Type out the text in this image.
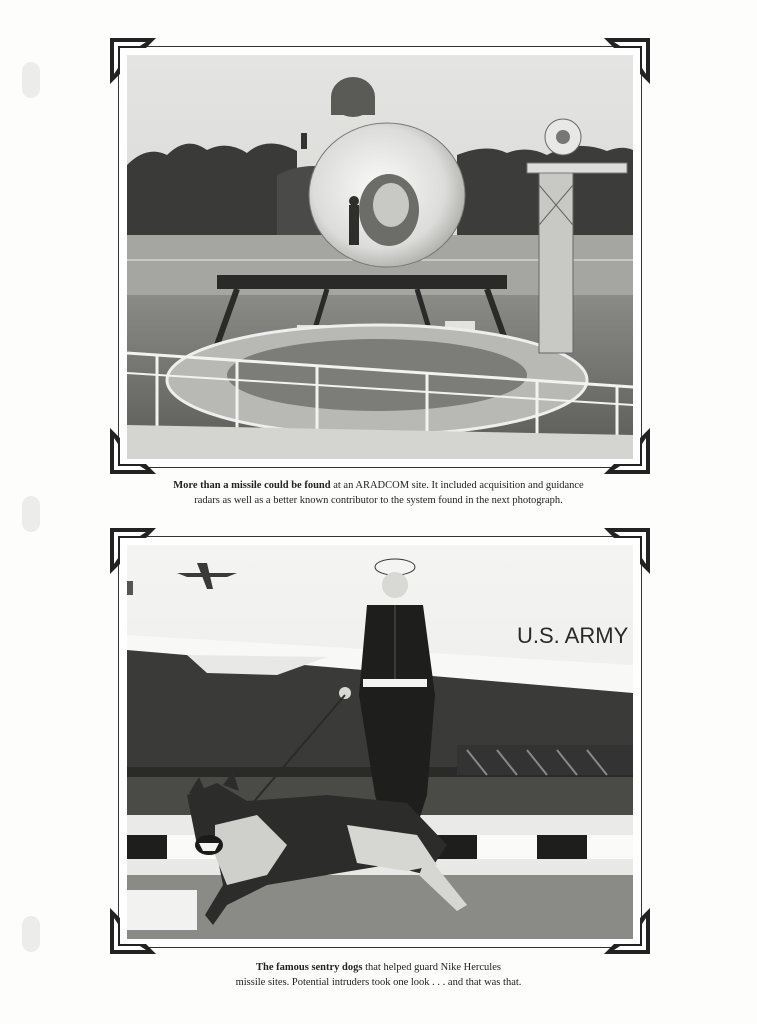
More than a missile could be found at an ARADCOM site. It included acquisition and guidance
radars as well as a better known contributor to the system found in the next photograph.
U.S. ARMY
The famous sentry dogs that helped guard Nike Hercules
missile sites. Potential intruders took one look . . . and that was that.
